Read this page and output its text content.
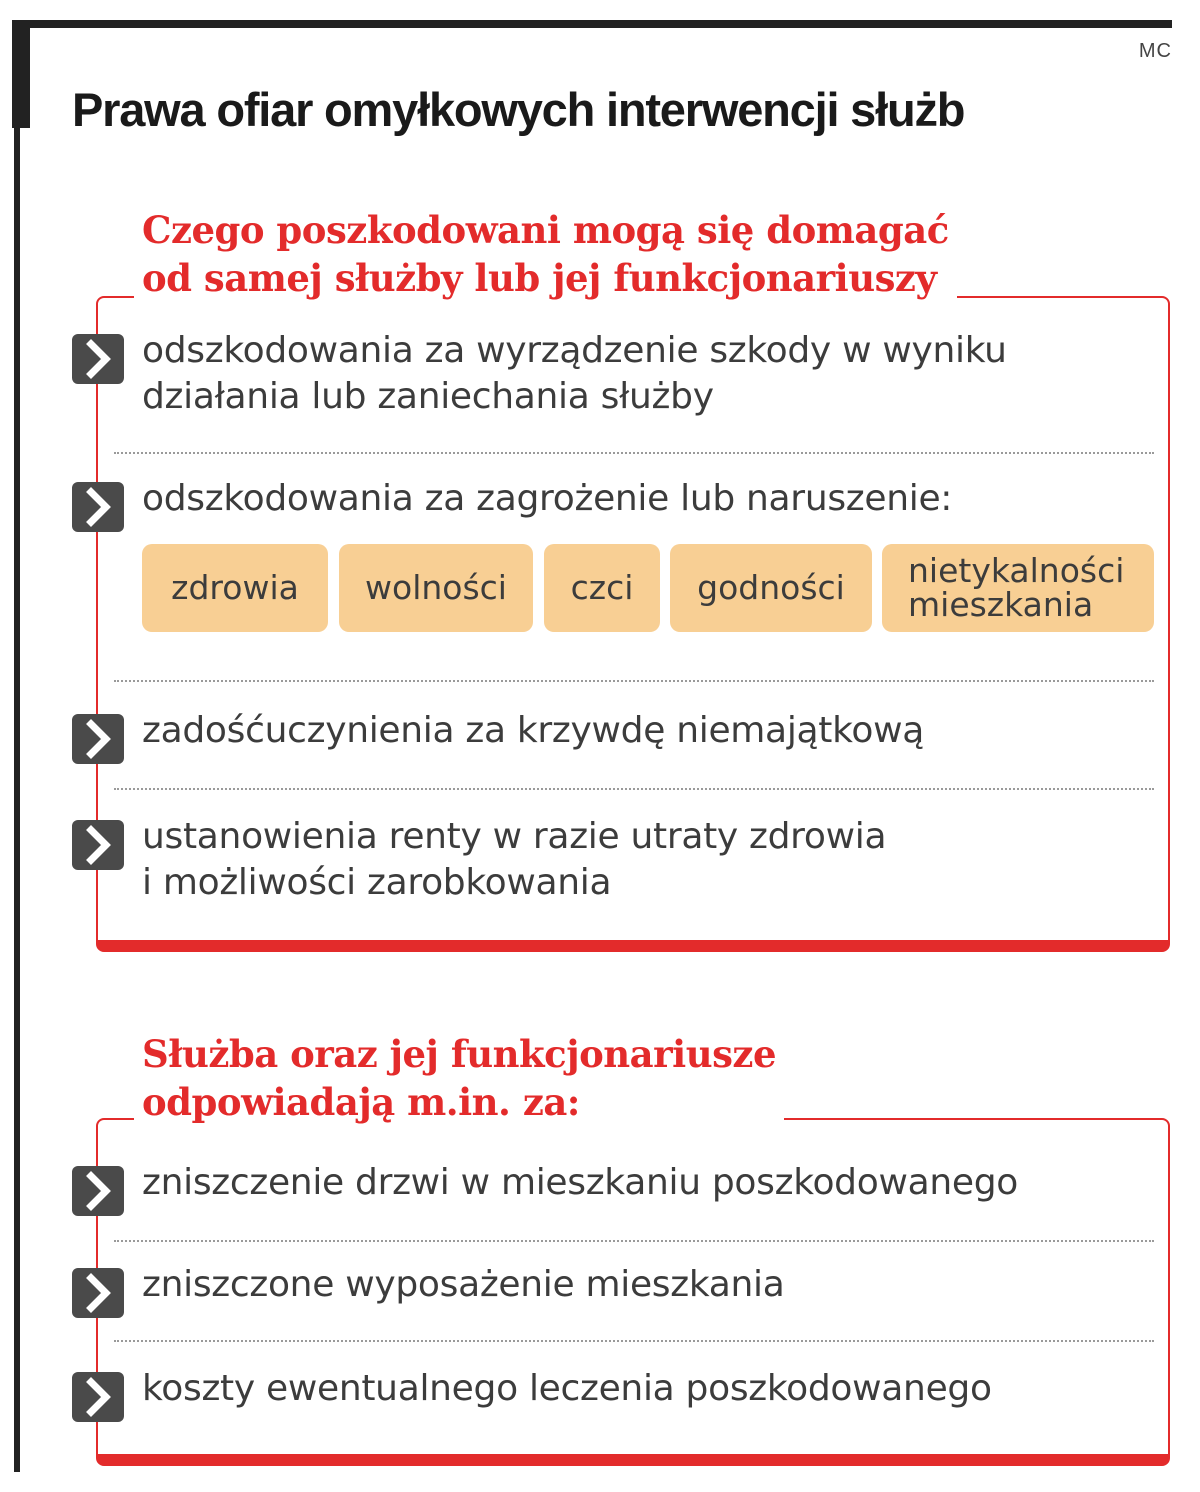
MC
Prawa ofiar omyłkowych interwencji służb
Czego poszkodowani mogą się domagać
od samej służby lub jej funkcjonariuszy
odszkodowania za wyrządzenie szkody w wyniku
działania lub zaniechania służby
odszkodowania za zagrożenie lub naruszenie:
zdrowia	wolności	czci	godności	nietykalności
mieszkania
zadośćuczynienia za krzywdę niemajątkową
ustanowienia renty w razie utraty zdrowia
i możliwości zarobkowania
Służba oraz jej funkcjonariusze
odpowiadają m.in. za:
zniszczenie drzwi w mieszkaniu poszkodowanego
zniszczone wyposażenie mieszkania
koszty ewentualnego leczenia poszkodowanego
